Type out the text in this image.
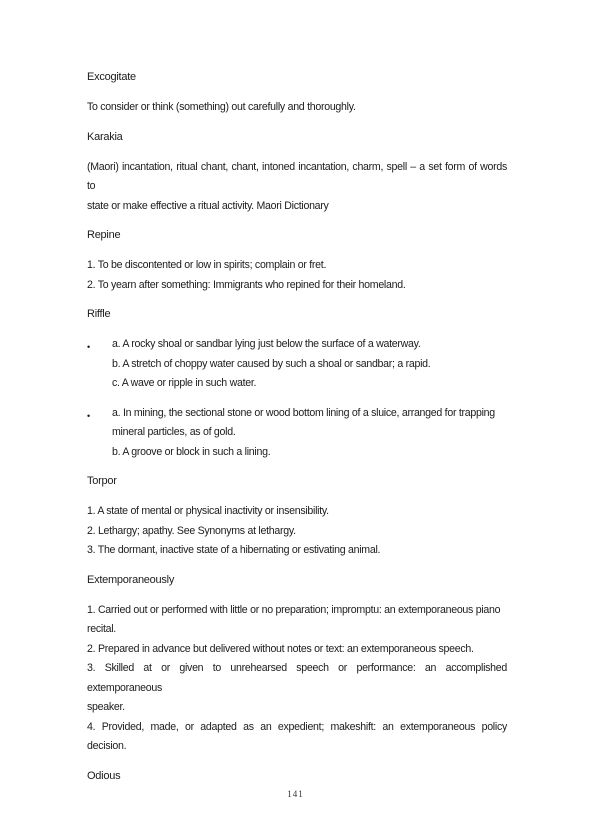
Excogitate

To consider or think (something) out carefully and thoroughly.

Karakia

(Maori) incantation, ritual chant, chant, intoned incantation, charm, spell – a set form of words to
state or make effective a ritual activity. Maori Dictionary

Repine

1. To be discontented or low in spirits; complain or fret.
2. To yearn after something: Immigrants who repined for their homeland.

Riffle

• a. A rocky shoal or sandbar lying just below the surface of a waterway.
b. A stretch of choppy water caused by such a shoal or sandbar; a rapid.
c. A wave or ripple in such water.
• a. In mining, the sectional stone or wood bottom lining of a sluice, arranged for trapping
mineral particles, as of gold.
b. A groove or block in such a lining.

Torpor

1. A state of mental or physical inactivity or insensibility.
2. Lethargy; apathy. See Synonyms at lethargy.
3. The dormant, inactive state of a hibernating or estivating animal.

Extemporaneously

1. Carried out or performed with little or no preparation; impromptu: an extemporaneous piano
recital.
2. Prepared in advance but delivered without notes or text: an extemporaneous speech.
3. Skilled at or given to unrehearsed speech or performance: an accomplished extemporaneous
speaker.
4. Provided, made, or adapted as an expedient; makeshift: an extemporaneous policy decision.

Odious

141
